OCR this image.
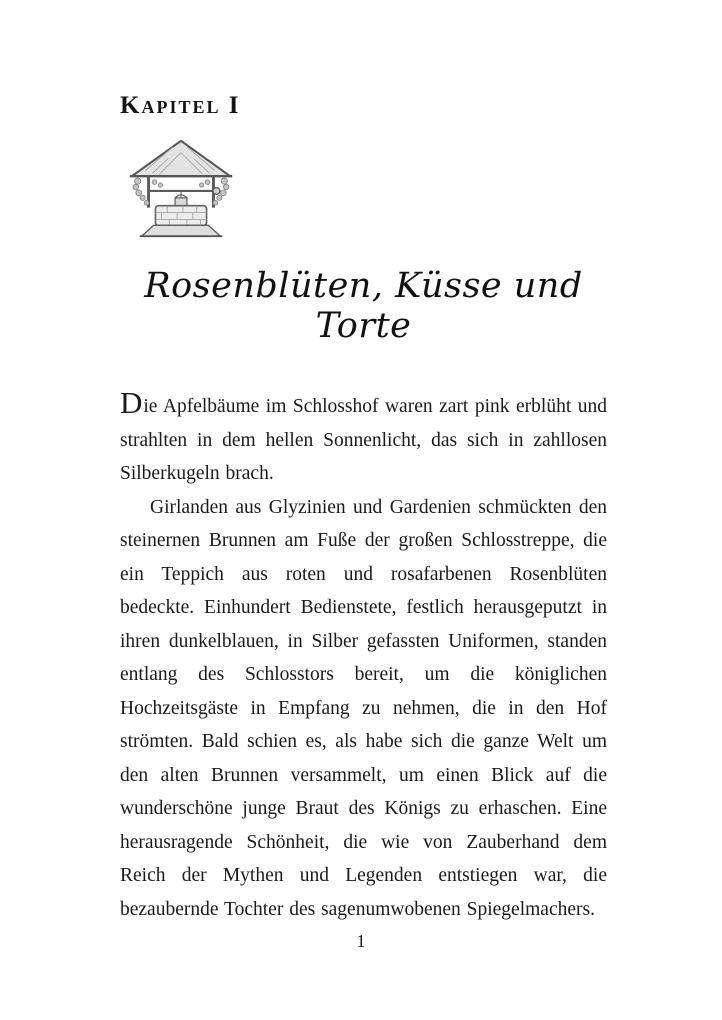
Kapitel I
Rosenblüten, Küsse und Torte

Die Apfelbäume im Schlosshof waren zart pink erblüht und strahlten in dem hellen Sonnenlicht, das sich in zahllosen Silberkugeln brach.

Girlanden aus Glyzinien und Gardenien schmückten den steinernen Brunnen am Fuße der großen Schlosstreppe, die ein Teppich aus roten und rosafarbenen Rosenblüten bedeckte. Einhundert Bedienstete, festlich herausgeputzt in ihren dunkelblauen, in Silber gefassten Uniformen, standen entlang des Schlosstors bereit, um die königlichen Hochzeitsgäste in Empfang zu nehmen, die in den Hof strömten. Bald schien es, als habe sich die ganze Welt um den alten Brunnen versammelt, um einen Blick auf die wunderschöne junge Braut des Königs zu erhaschen. Eine herausragende Schönheit, die wie von Zauberhand dem Reich der Mythen und Legenden entstiegen war, die bezaubernde Tochter des sagenumwobenen Spiegelmachers.

1
